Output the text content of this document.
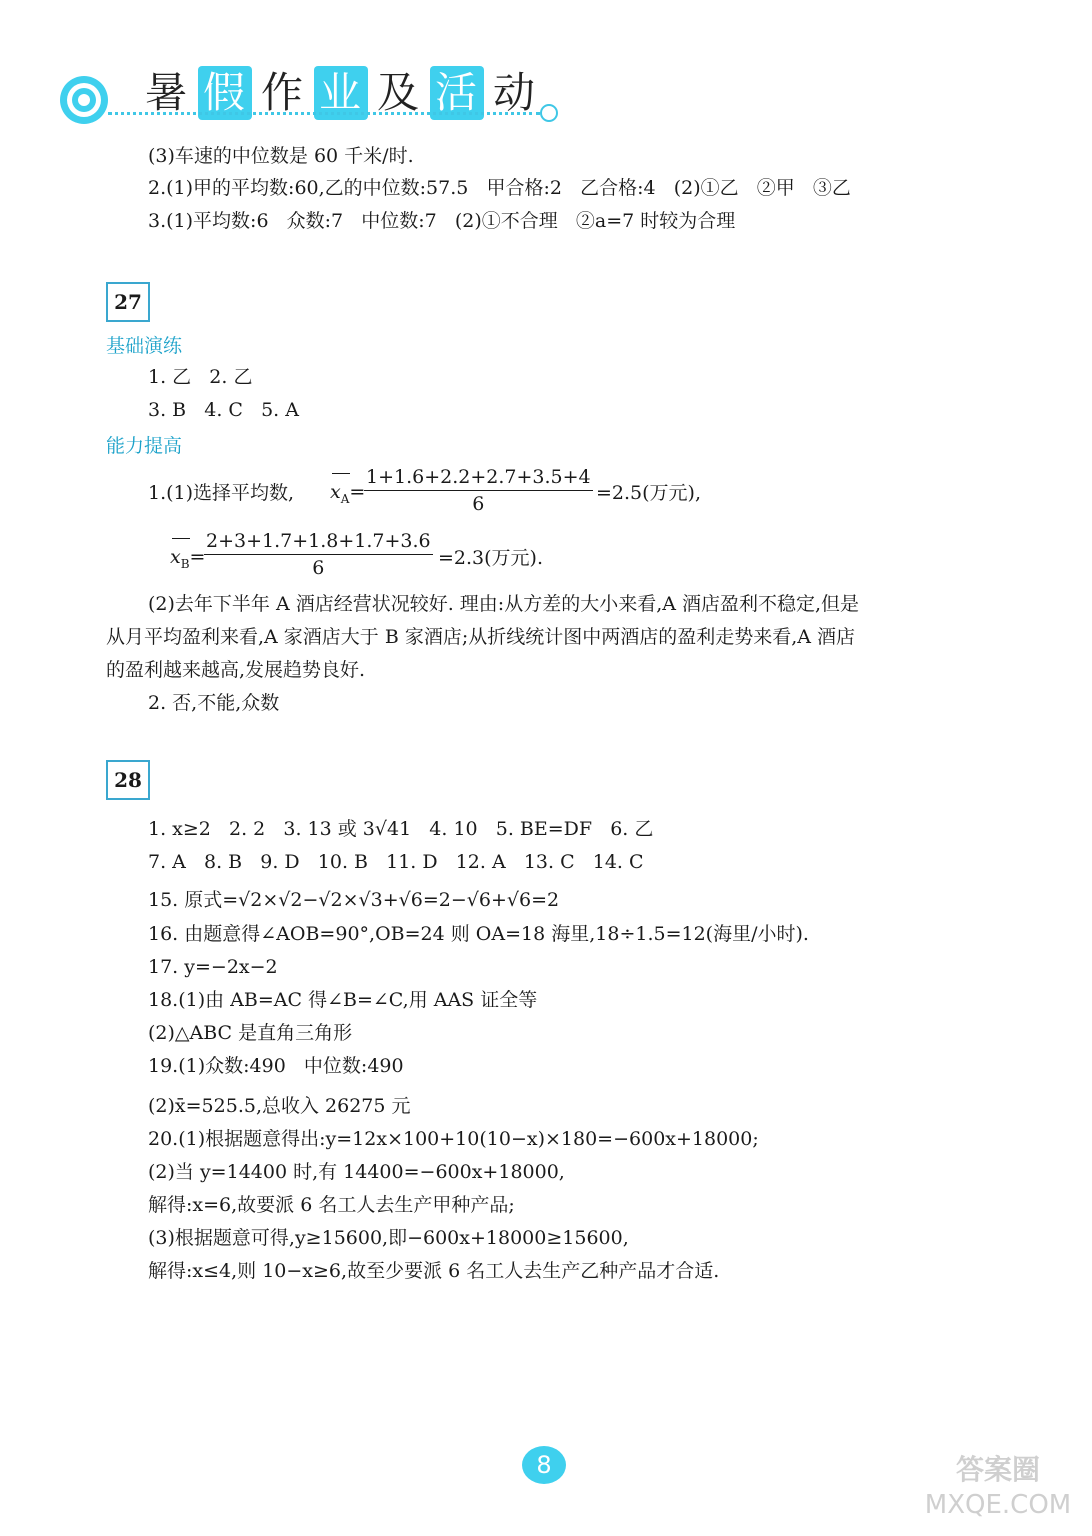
暑 假 作 业 及 活 动
(3)车速的中位数是 60 千米/时.
2.(1)甲的平均数:60,乙的中位数:57.5   甲合格:2   乙合格:4   (2)①乙   ②甲   ③乙
3.(1)平均数:6   众数:7   中位数:7   (2)①不合理   ②a=7 时较为合理
27
基础演练
1. 乙   2. 乙
3. B   4. C   5. A
能力提高
1.(1)选择平均数, $x_A=$
$\frac{1+1.6+2.2+2.7+3.5+4}{6} =2.5$(万元),
$x_B=$
$\frac{2+3+1.7+1.8+1.7+3.6}{6} =2.3$(万元).
(2)去年下半年 A 酒店经营状况较好. 理由:从方差的大小来看,A 酒店盈利不稳定,但是
从月平均盈利来看,A 家酒店大于 B 家酒店;从折线统计图中两酒店的盈利走势来看,A 酒店
的盈利越来越高,发展趋势良好.
2. 否,不能,众数
28
1. x≥2   2. 2   3. 13 或 3√41   4. 10   5. BE=DF   6. 乙
7. A   8. B   9. D   10. B   11. D   12. A   13. C   14. C
15. 原式=√2×√2−√2×√3+√6=2−√6+√6=2
16. 由题意得∠AOB=90°,OB=24 则 OA=18 海里,18÷1.5=12(海里/小时).
17. y=−2x−2
18.(1)由 AB=AC 得∠B=∠C,用 AAS 证全等
(2)△ABC 是直角三角形
19.(1)众数:490   中位数:490
(2)x̄=525.5,总收入 26275 元
20.(1)根据题意得出:y=12x×100+10(10−x)×180=−600x+18000;
(2)当 y=14400 时,有 14400=−600x+18000,
解得:x=6,故要派 6 名工人去生产甲种产品;
(3)根据题意可得,y≥15600,即−600x+18000≥15600,
解得:x≤4,则 10−x≥6,故至少要派 6 名工人去生产乙种产品才合适.
8	答案圈
MXQE.COM
